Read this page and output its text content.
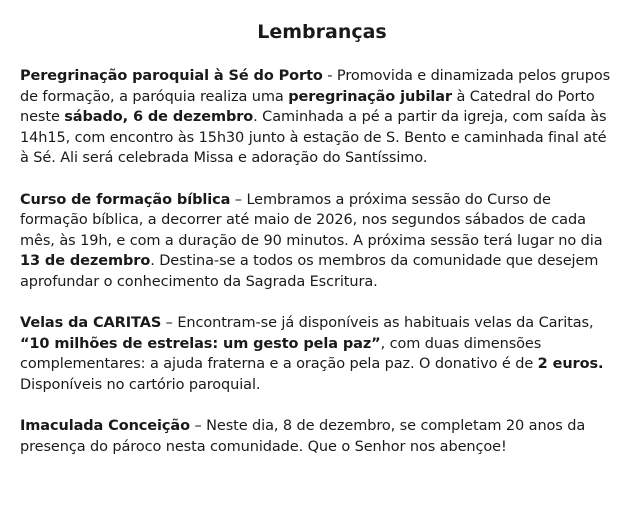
Lembranças

Peregrinação paroquial à Sé do Porto - Promovida e dinamizada pelos grupos de formação, a paróquia realiza uma peregrinação jubilar à Catedral do Porto neste sábado, 6 de dezembro. Caminhada a pé a partir da igreja, com saída às 14h15, com encontro às 15h30 junto à estação de S. Bento e caminhada final até à Sé. Ali será celebrada Missa e adoração do Santíssimo.

Curso de formação bíblica – Lembramos a próxima sessão do Curso de formação bíblica, a decorrer até maio de 2026, nos segundos sábados de cada mês, às 19h, e com a duração de 90 minutos. A próxima sessão terá lugar no dia 13 de dezembro. Destina-se a todos os membros da comunidade que desejem aprofundar o conhecimento da Sagrada Escritura.

Velas da CARITAS – Encontram-se já disponíveis as habituais velas da Caritas, “10 milhões de estrelas: um gesto pela paz”, com duas dimensões complementares: a ajuda fraterna e a oração pela paz. O donativo é de 2 euros. Disponíveis no cartório paroquial.

Imaculada Conceição – Neste dia, 8 de dezembro, se completam 20 anos da presença do pároco nesta comunidade. Que o Senhor nos abençoe!
